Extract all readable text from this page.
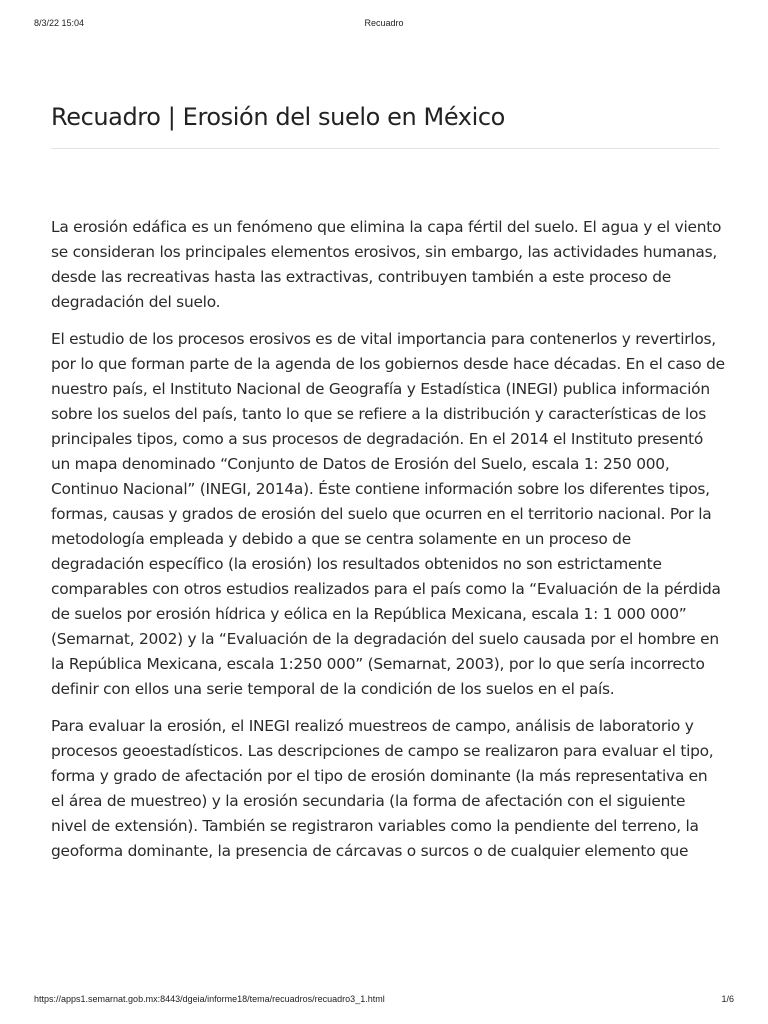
8/3/22 15:04	Recuadro
Recuadro | Erosión del suelo en México

La erosión edáfica es un fenómeno que elimina la capa fértil del suelo. El agua y el viento se consideran los principales elementos erosivos, sin embargo, las actividades humanas, desde las recreativas hasta las extractivas, contribuyen también a este proceso de degradación del suelo.

El estudio de los procesos erosivos es de vital importancia para contenerlos y revertirlos, por lo que forman parte de la agenda de los gobiernos desde hace décadas. En el caso de nuestro país, el Instituto Nacional de Geografía y Estadística (INEGI) publica información sobre los suelos del país, tanto lo que se refiere a la distribución y características de los principales tipos, como a sus procesos de degradación. En el 2014 el Instituto presentó un mapa denominado “Conjunto de Datos de Erosión del Suelo, escala 1: 250 000, Continuo Nacional” (INEGI, 2014a). Éste contiene información sobre los diferentes tipos, formas, causas y grados de erosión del suelo que ocurren en el territorio nacional. Por la metodología empleada y debido a que se centra solamente en un proceso de degradación específico (la erosión) los resultados obtenidos no son estrictamente comparables con otros estudios realizados para el país como la “Evaluación de la pérdida de suelos por erosión hídrica y eólica en la República Mexicana, escala 1: 1 000 000” (Semarnat, 2002) y la “Evaluación de la degradación del suelo causada por el hombre en la República Mexicana, escala 1:250 000” (Semarnat, 2003), por lo que sería incorrecto definir con ellos una serie temporal de la condición de los suelos en el país.

Para evaluar la erosión, el INEGI realizó muestreos de campo, análisis de laboratorio y procesos geoestadísticos. Las descripciones de campo se realizaron para evaluar el tipo, forma y grado de afectación por el tipo de erosión dominante (la más representativa en el área de muestreo) y la erosión secundaria (la forma de afectación con el siguiente nivel de extensión). También se registraron variables como la pendiente del terreno, la geoforma dominante, la presencia de cárcavas o surcos o de cualquier elemento que

https://apps1.semarnat.gob.mx:8443/dgeia/informe18/tema/recuadros/recuadro3_1.html	1/6
